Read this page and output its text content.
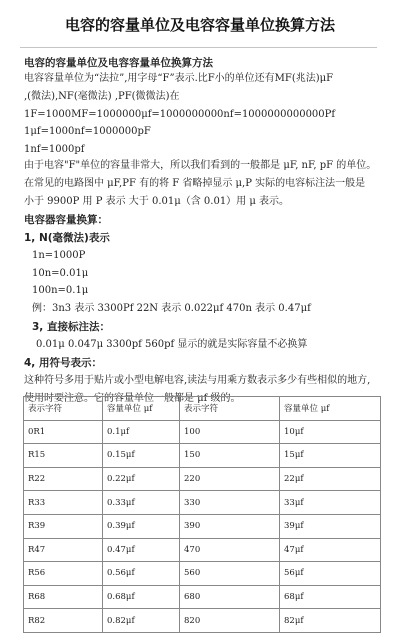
电容的容量单位及电容容量单位换算方法
电容的容量单位及电容容量单位换算方法
电容容量单位为“法拉”,用字母“F”表示.比F小的单位还有MF(兆法)μF
,(微法),NF(毫微法) ,PF(微微法)在
1F=1000MF=1000000μf=1000000000nf=1000000000000Pf
1μf=1000nf=1000000pF
1nf=1000pf
由于电容"F"单位的容量非常大，所以我们看到的一般都是 μF, nF, pF 的单位。
在常见的电路图中 μF,PF 有的将 F 省略掉显示 μ,P 实际的电容标注法一般是
小于 9900P 用 P 表示 大于 0.01μ（含 0.01）用 μ 表示。
电容器容量换算：
1, N(毫微法)表示
1n=1000P
10n=0.01μ
100n=0.1μ
例：3n3 表示 3300Pf 22N 表示 0.022μf 470n 表示 0.47μf
3, 直接标注法：
0.01μ 0.047μ 3300pf 560pf 显示的就是实际容量不必换算
4, 用符号表示：
这种符号多用于贴片或小型电解电容,读法与用乘方数表示多少有些相似的地方,
使用时要注意。它的容量单位一般都是 μf 级的。
表示字符	容量单位 μf	表示字符	容量单位 μf
0R1	0.1μf	100	10μf
R15	0.15μf	150	15μf
R22	0.22μf	220	22μf
R33	0.33μf	330	33μf
R39	0.39μf	390	39μf
R47	0.47μf	470	47μf
R56	0.56μf	560	56μf
R68	0.68μf	680	68μf
R82	0.82μf	820	82μf
